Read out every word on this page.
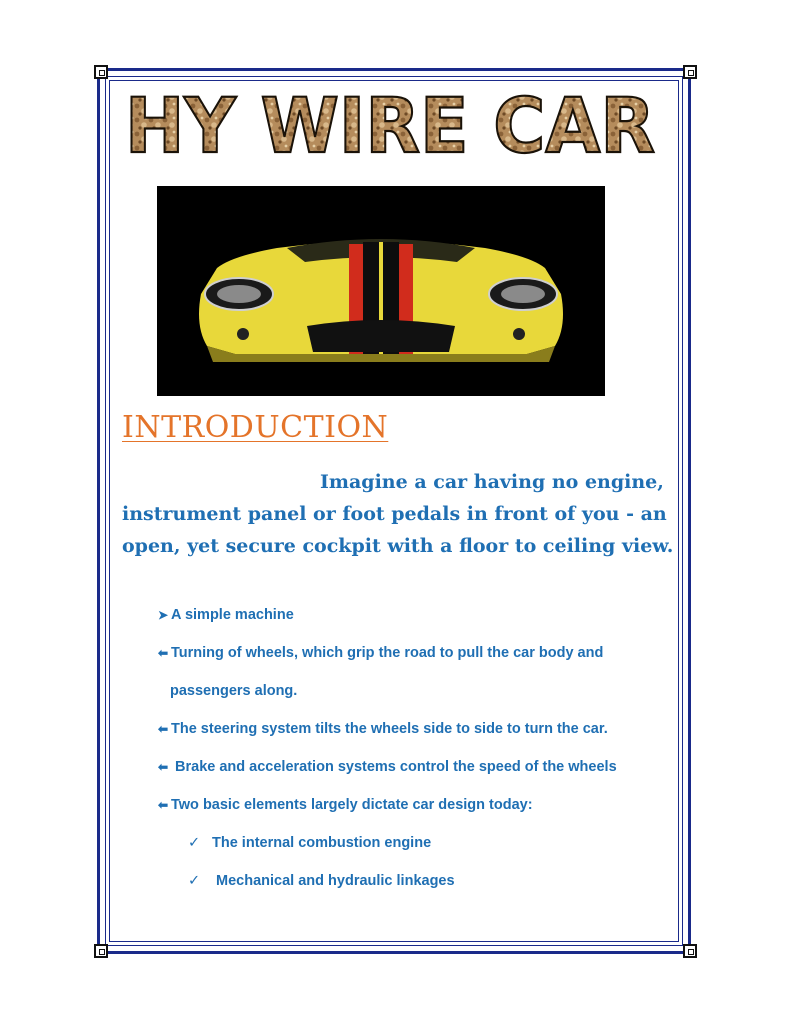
HY WIRE CAR
INTRODUCTION

Imagine a car having no engine, instrument panel or foot pedals in front of you - an open, yet secure cockpit with a floor to ceiling view.

➤ A simple machine
⬅ Turning of wheels, which grip the road to pull the car body and
passengers along.
⬅ The steering system tilts the wheels side to side to turn the car.
⬅ Brake and acceleration systems control the speed of the wheels
⬅ Two basic elements largely dictate car design today:
✓ The internal combustion engine
✓ Mechanical and hydraulic linkages
